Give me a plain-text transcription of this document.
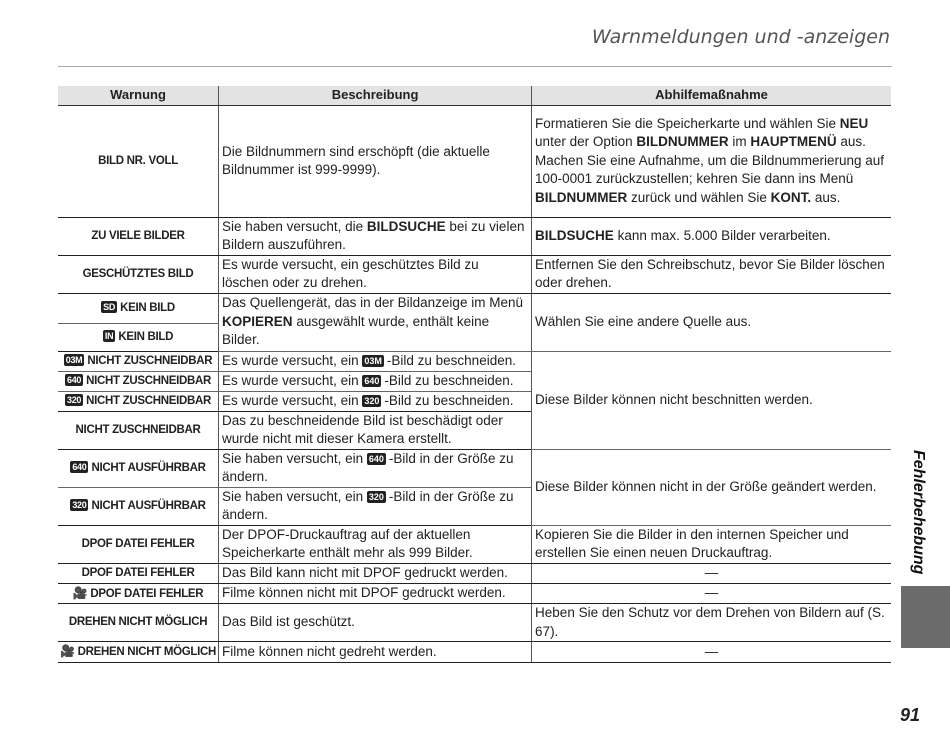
Warnmeldungen und -anzeigen
Warnung	Beschreibung	Abhilfemaßnahme
BILD NR. VOLL	Die Bildnummern sind erschöpft (die aktuelle Bildnummer ist 999-9999).	Formatieren Sie die Speicherkarte und wählen Sie NEU unter der Option BILDNUMMER im HAUPTMENÜ aus. Machen Sie eine Aufnahme, um die Bildnummerierung auf 100-0001 zurückzustellen; kehren Sie dann ins Menü BILDNUMMER zurück und wählen Sie KONT. aus.
ZU VIELE BILDER	Sie haben versucht, die BILDSUCHE bei zu vielen Bildern auszuführen.	BILDSUCHE kann max. 5.000 Bilder verarbeiten.
GESCHÜTZTES BILD	Es wurde versucht, ein geschütztes Bild zu löschen oder zu drehen.	Entfernen Sie den Schreibschutz, bevor Sie Bilder löschen oder drehen.
SD KEIN BILD	Das Quellengerät, das in der Bildanzeige im Menü KOPIEREN ausgewählt wurde, enthält keine Bilder.	Wählen Sie eine andere Quelle aus.
IN KEIN BILD		
03M NICHT ZUSCHNEIDBAR	Es wurde versucht, ein 03M -Bild zu beschneiden.	Diese Bilder können nicht beschnitten werden.
640 NICHT ZUSCHNEIDBAR	Es wurde versucht, ein 640 -Bild zu beschneiden.	
320 NICHT ZUSCHNEIDBAR	Es wurde versucht, ein 320 -Bild zu beschneiden.	
NICHT ZUSCHNEIDBAR	Das zu beschneidende Bild ist beschädigt oder wurde nicht mit dieser Kamera erstellt.	
640 NICHT AUSFÜHRBAR	Sie haben versucht, ein 640 -Bild in der Größe zu ändern.	Diese Bilder können nicht in der Größe geändert werden.
320 NICHT AUSFÜHRBAR	Sie haben versucht, ein 320 -Bild in der Größe zu ändern.	
DPOF DATEI FEHLER	Der DPOF-Druckauftrag auf der aktuellen Speicherkarte enthält mehr als 999 Bilder.	Kopieren Sie die Bilder in den internen Speicher und erstellen Sie einen neuen Druckauftrag.
DPOF DATEI FEHLER	Das Bild kann nicht mit DPOF gedruckt werden.	—
🎥 DPOF DATEI FEHLER	Filme können nicht mit DPOF gedruckt werden.	—
DREHEN NICHT MÖGLICH	Das Bild ist geschützt.	Heben Sie den Schutz vor dem Drehen von Bildern auf (S. 67).
🎥 DREHEN NICHT MÖGLICH	Filme können nicht gedreht werden.	—
Fehlerbehebung
91
